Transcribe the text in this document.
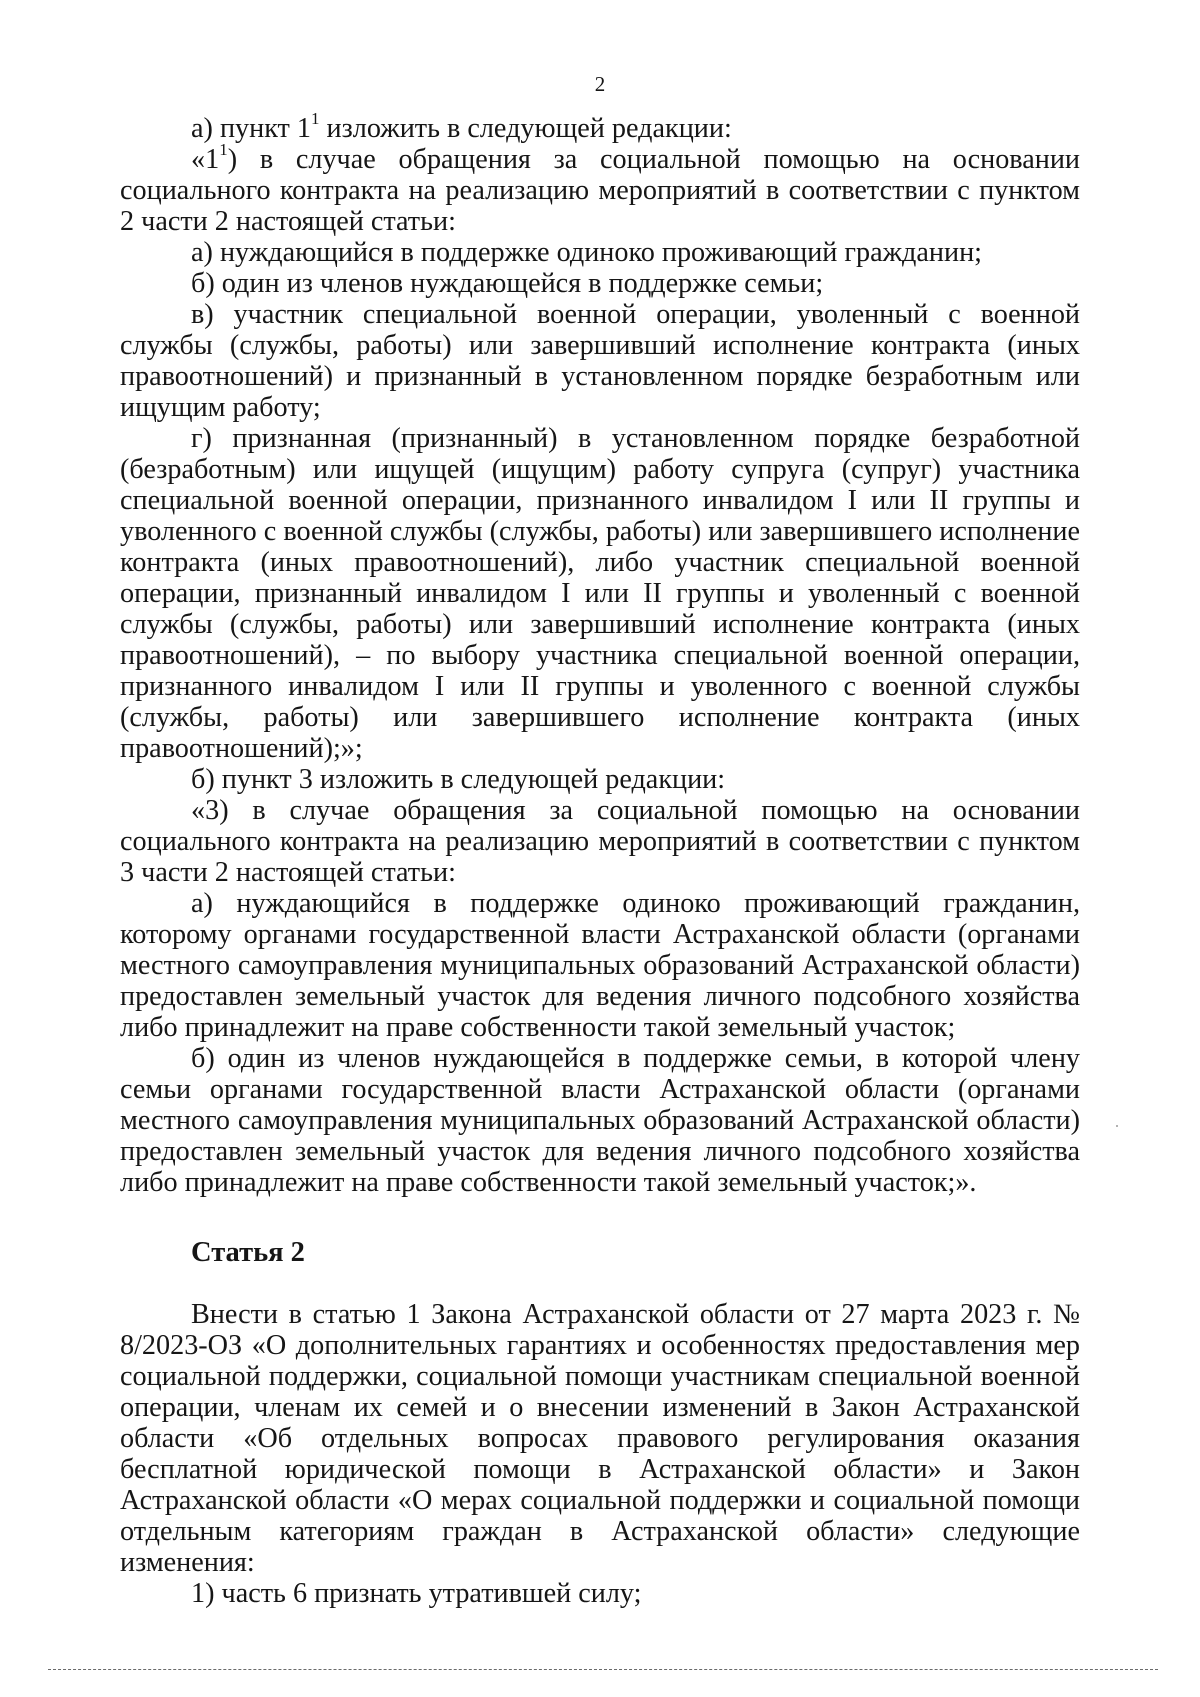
2

а) пункт $1^1$ изложить в следующей редакции:

«$1^1$) в случае обращения за социальной помощью на основании социального контракта на реализацию мероприятий в соответствии с пунктом 2 части 2 настоящей статьи:

а) нуждающийся в поддержке одиноко проживающий гражданин;

б) один из членов нуждающейся в поддержке семьи;

в) участник специальной военной операции, уволенный с военной службы (службы, работы) или завершивший исполнение контракта (иных правоотношений) и признанный в установленном порядке безработным или ищущим работу;

г) признанная (признанный) в установленном порядке безработной (безработным) или ищущей (ищущим) работу супруга (супруг) участника специальной военной операции, признанного инвалидом I или II группы и уволенного с военной службы (службы, работы) или завершившего исполнение контракта (иных правоотношений), либо участник специальной военной операции, признанный инвалидом I или II группы и уволенный с военной службы (службы, работы) или завершивший исполнение контракта (иных правоотношений), – по выбору участника специальной военной операции, признанного инвалидом I или II группы и уволенного с военной службы (службы, работы) или завершившего исполнение контракта (иных правоотношений);»;

б) пункт 3 изложить в следующей редакции:

«3) в случае обращения за социальной помощью на основании социального контракта на реализацию мероприятий в соответствии с пунктом 3 части 2 настоящей статьи:

а) нуждающийся в поддержке одиноко проживающий гражданин, которому органами государственной власти Астраханской области (органами местного самоуправления муниципальных образований Астраханской области) предоставлен земельный участок для ведения личного подсобного хозяйства либо принадлежит на праве собственности такой земельный участок;

б) один из членов нуждающейся в поддержке семьи, в которой члену семьи органами государственной власти Астраханской области (органами местного самоуправления муниципальных образований Астраханской области) предоставлен земельный участок для ведения личного подсобного хозяйства либо принадлежит на праве собственности такой земельный участок;».

Статья 2

Внести в статью 1 Закона Астраханской области от 27 марта 2023 г. № 8/2023-ОЗ «О дополнительных гарантиях и особенностях предоставления мер социальной поддержки, социальной помощи участникам специальной военной операции, членам их семей и о внесении изменений в Закон Астраханской области «Об отдельных вопросах правового регулирования оказания бесплатной юридической помощи в Астраханской области» и Закон Астраханской области «О мерах социальной поддержки и социальной помощи отдельным категориям граждан в Астраханской области» следующие изменения:

1) часть 6 признать утратившей силу;
